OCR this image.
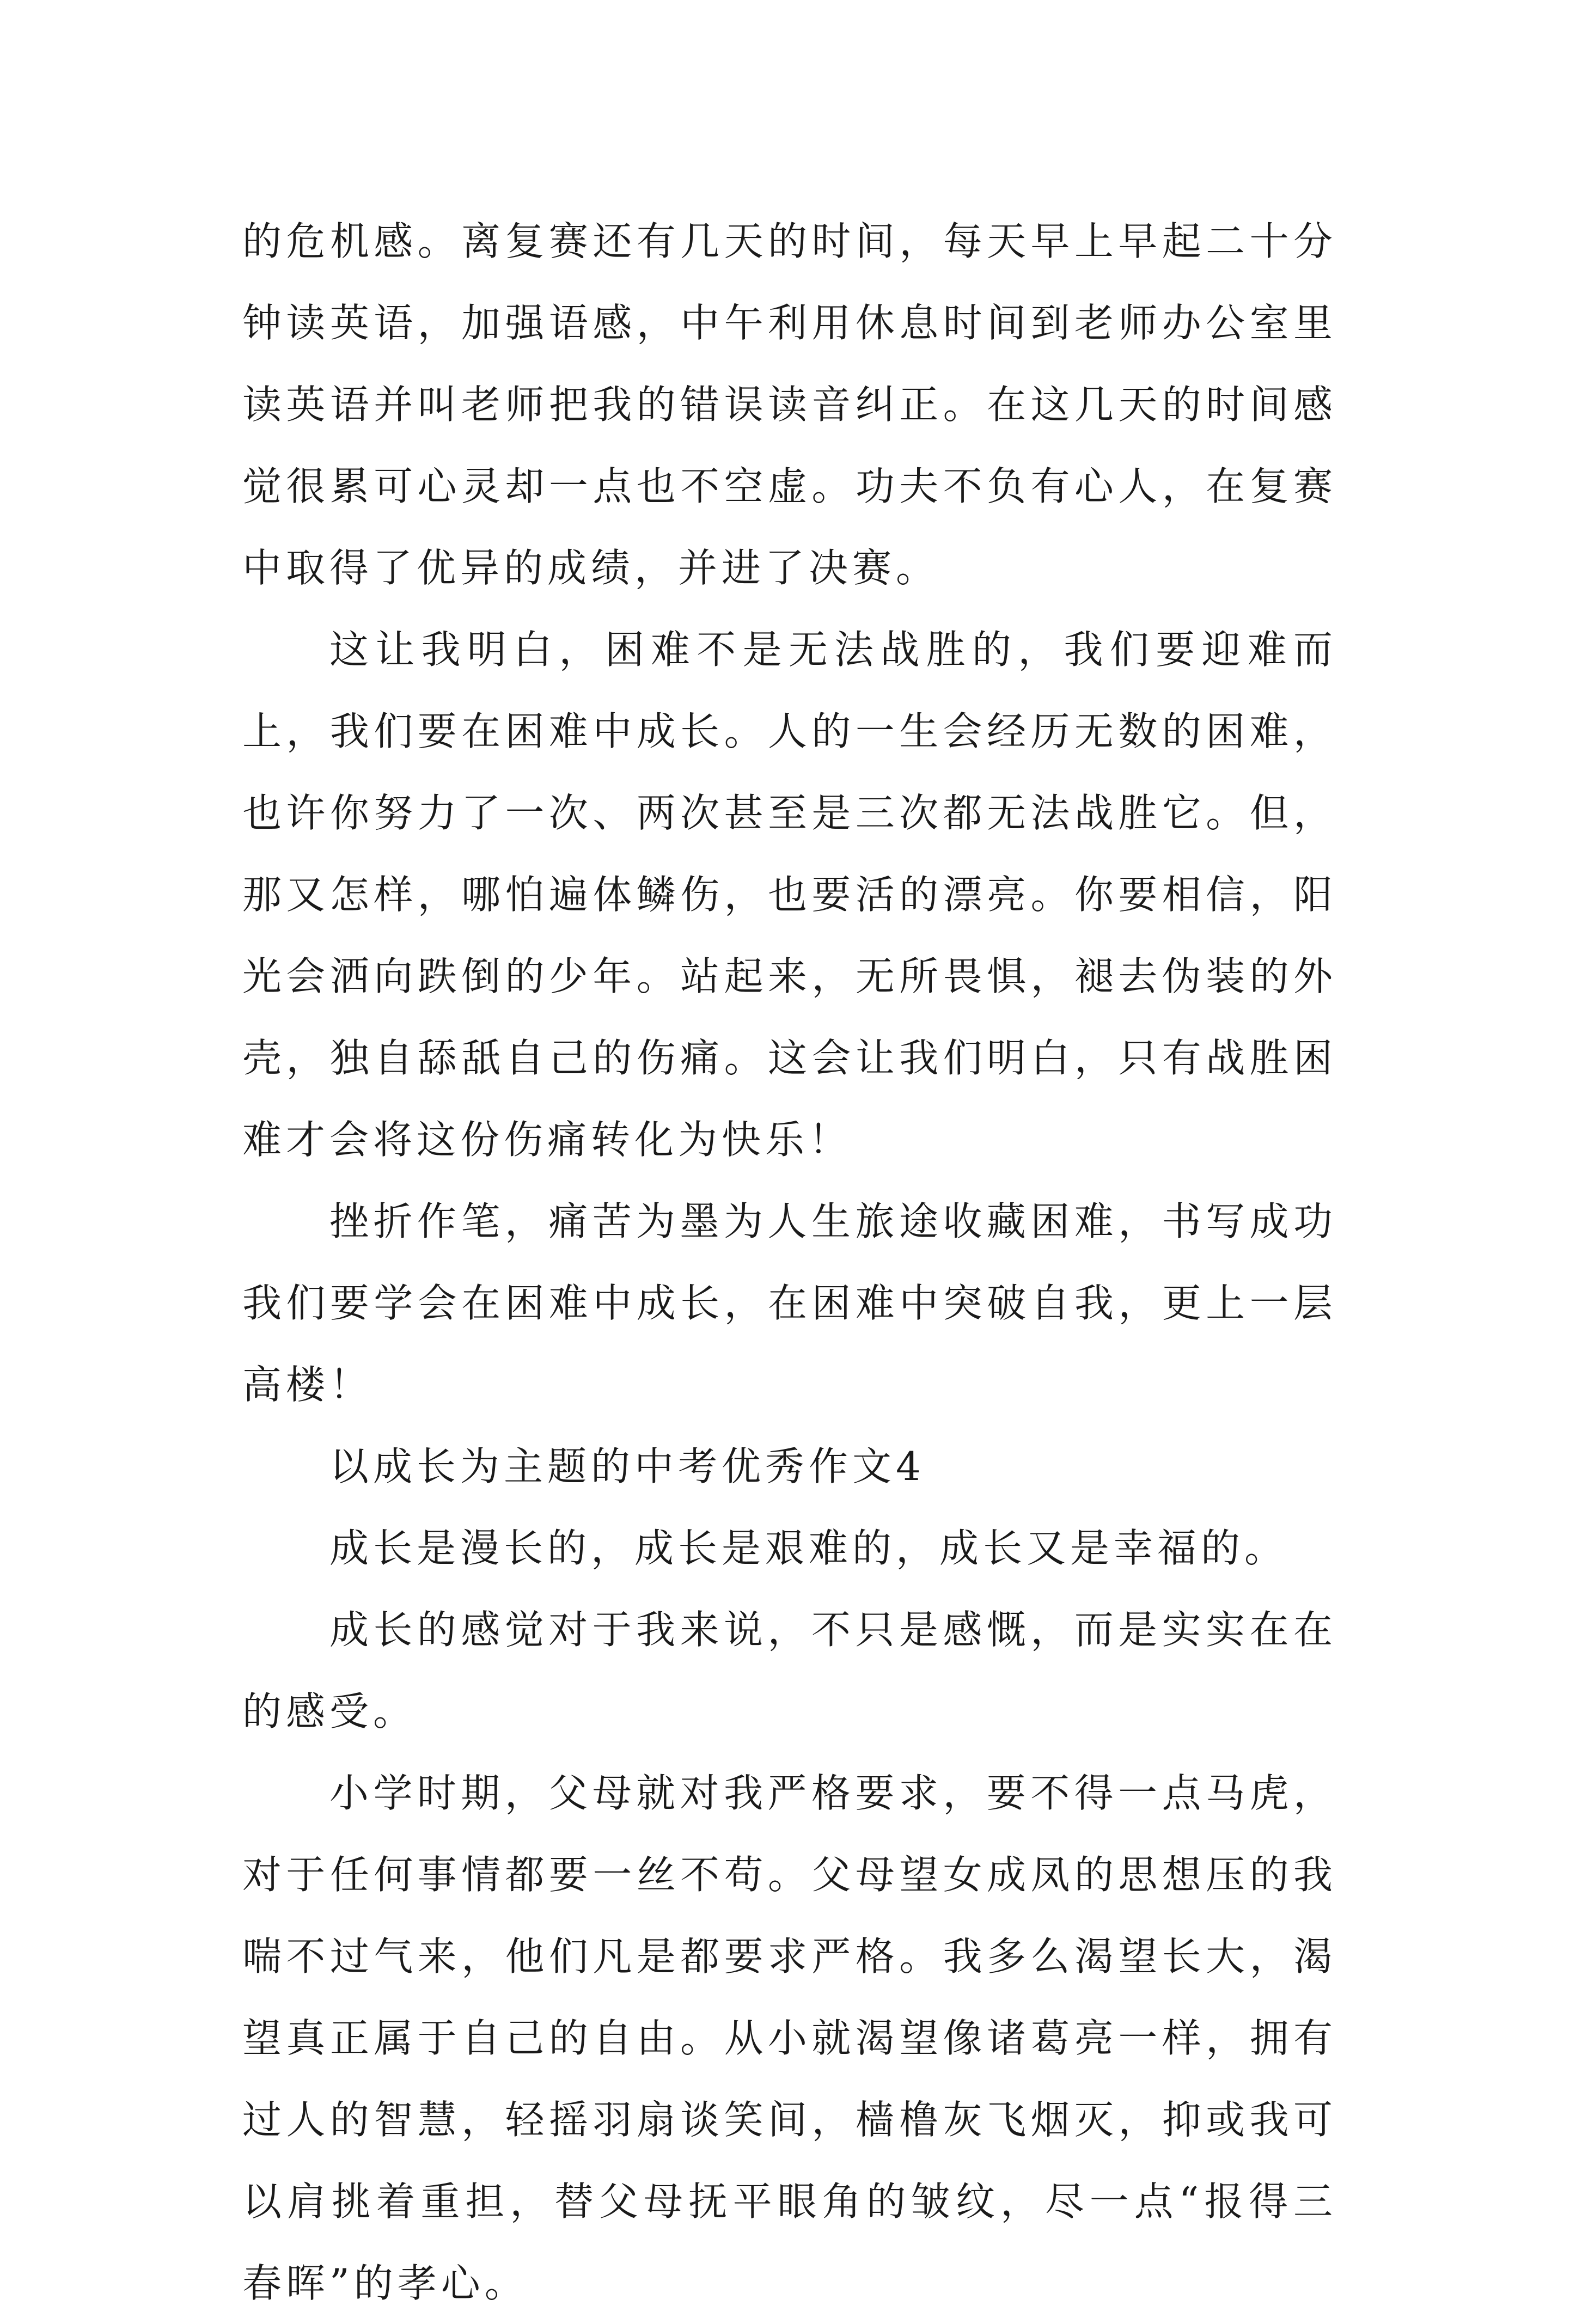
的危机感。离复赛还有几天的时间，每天早上早起二十分钟读英语，加强语感，中午利用休息时间到老师办公室里读英语并叫老师把我的错误读音纠正。在这几天的时间感觉很累可心灵却一点也不空虚。功夫不负有心人，在复赛中取得了优异的成绩，并进了决赛。

这让我明白，困难不是无法战胜的，我们要迎难而上，我们要在困难中成长。人的一生会经历无数的困难，也许你努力了一次、两次甚至是三次都无法战胜它。但，那又怎样，哪怕遍体鳞伤，也要活的漂亮。你要相信，阳光会洒向跌倒的少年。站起来，无所畏惧，褪去伪装的外壳，独自舔舐自己的伤痛。这会让我们明白，只有战胜困难才会将这份伤痛转化为快乐！

挫折作笔，痛苦为墨为人生旅途收藏困难，书写成功我们要学会在困难中成长，在困难中突破自我，更上一层高楼！

以成长为主题的中考优秀作文4

成长是漫长的，成长是艰难的，成长又是幸福的。

成长的感觉对于我来说，不只是感慨，而是实实在在的感受。

小学时期，父母就对我严格要求，要不得一点马虎，对于任何事情都要一丝不苟。父母望女成凤的思想压的我喘不过气来，他们凡是都要求严格。我多么渴望长大，渴望真正属于自己的自由。从小就渴望像诸葛亮一样，拥有过人的智慧，轻摇羽扇谈笑间，樯橹灰飞烟灭，抑或我可以肩挑着重担，替父母抚平眼角的皱纹，尽一点“报得三春晖”的孝心。
